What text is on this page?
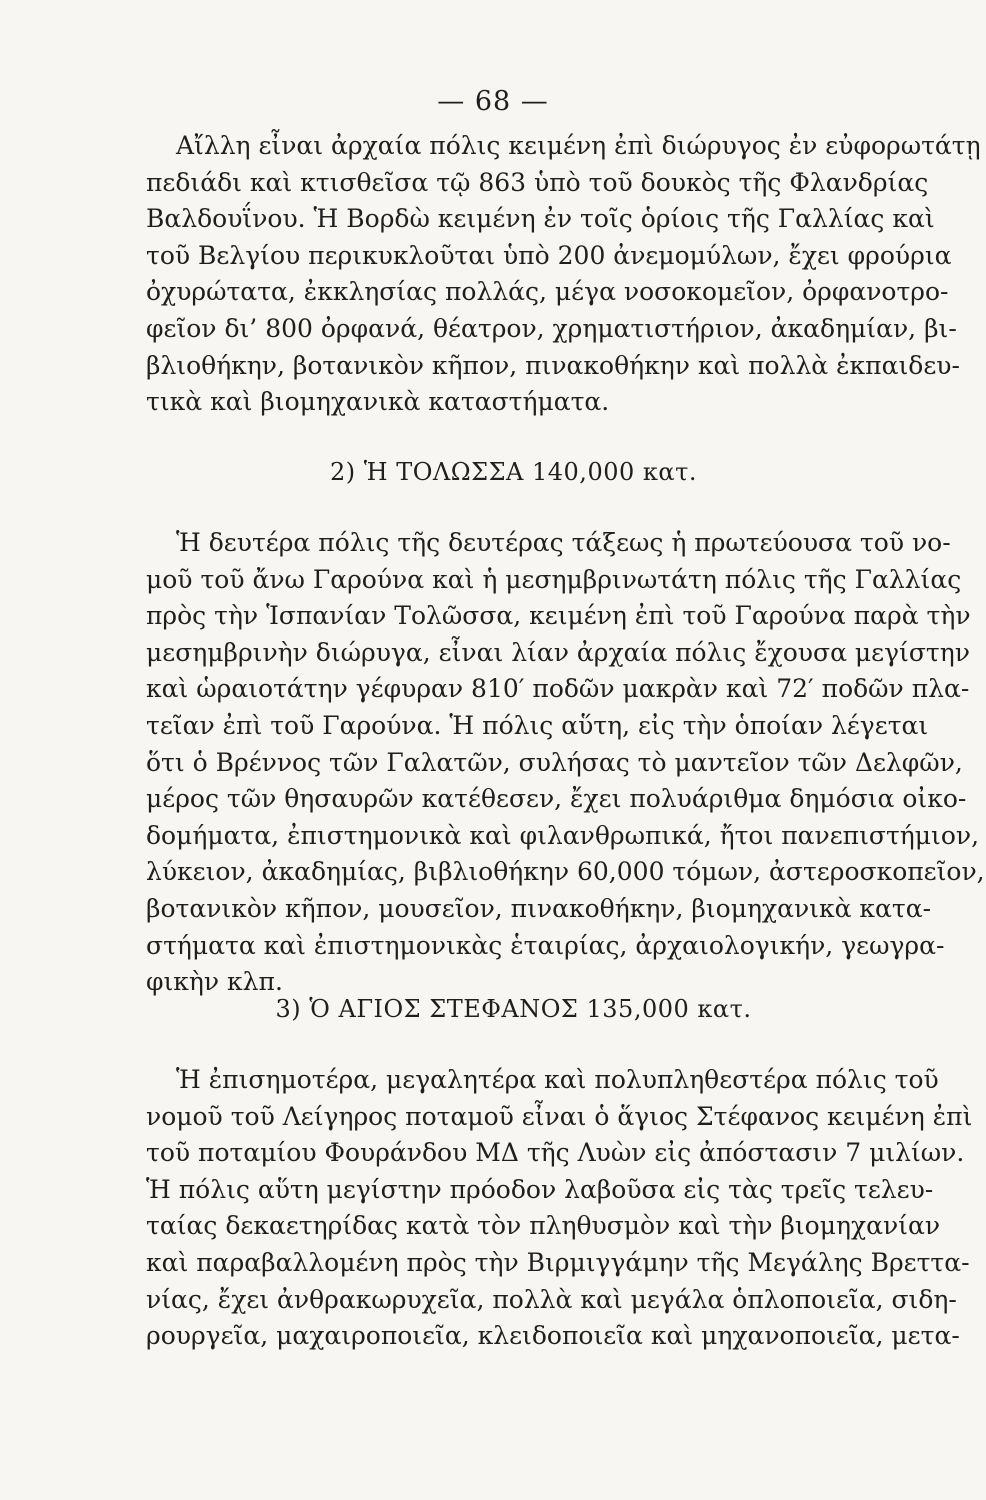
— 68 —
Αἴλλη εἶναι ἀρχαία πόλις κειμένη ἐπὶ διώρυγος ἐν εὐφορωτάτῃ
πεδιάδι καὶ κτισθεῖσα τῷ 863 ὑπὸ τοῦ δουκὸς τῆς Φλανδρίας
Βαλδουΐνου. Ἡ Βορδὼ κειμένη ἐν τοῖς ὁρίοις τῆς Γαλλίας καὶ
τοῦ Βελγίου περικυκλοῦται ὑπὸ 200 ἀνεμομύλων, ἔχει φρούρια
ὀχυρώτατα, ἐκκλησίας πολλάς, μέγα νοσοκομεῖον, ὀρφανοτρο-
φεῖον δι’ 800 ὀρφανά, θέατρον, χρηματιστήριον, ἀκαδημίαν, βι-
βλιοθήκην, βοτανικὸν κῆπον, πινακοθήκην καὶ πολλὰ ἐκπαιδευ-
τικὰ καὶ βιομηχανικὰ καταστήματα.
2) Ἡ ΤΟΛΩΣΣΑ 140,000 κατ.
Ἡ δευτέρα πόλις τῆς δευτέρας τάξεως ἡ πρωτεύουσα τοῦ νο-
μοῦ τοῦ ἄνω Γαρούνα καὶ ἡ μεσημβρινωτάτη πόλις τῆς Γαλλίας
πρὸς τὴν Ἱσπανίαν Τολῶσσα, κειμένη ἐπὶ τοῦ Γαρούνα παρὰ τὴν
μεσημβρινὴν διώρυγα, εἶναι λίαν ἀρχαία πόλις ἔχουσα μεγίστην
καὶ ὡραιοτάτην γέφυραν 810′ ποδῶν μακρὰν καὶ 72′ ποδῶν πλα-
τεῖαν ἐπὶ τοῦ Γαρούνα. Ἡ πόλις αὕτη, εἰς τὴν ὁποίαν λέγεται
ὅτι ὁ Βρέννος τῶν Γαλατῶν, συλήσας τὸ μαντεῖον τῶν Δελφῶν,
μέρος τῶν θησαυρῶν κατέθεσεν, ἔχει πολυάριθμα δημόσια οἰκο-
δομήματα, ἐπιστημονικὰ καὶ φιλανθρωπικά, ἤτοι πανεπιστήμιον,
λύκειον, ἀκαδημίας, βιβλιοθήκην 60,000 τόμων, ἀστεροσκοπεῖον,
βοτανικὸν κῆπον, μουσεῖον, πινακοθήκην, βιομηχανικὰ κατα-
στήματα καὶ ἐπιστημονικὰς ἑταιρίας, ἀρχαιολογικήν, γεωγρα-
φικὴν κλπ.
3) Ὁ ΑΓΙΟΣ ΣΤΕΦΑΝΟΣ 135,000 κατ.
Ἡ ἐπισημοτέρα, μεγαλητέρα καὶ πολυπληθεστέρα πόλις τοῦ
νομοῦ τοῦ Λείγηρος ποταμοῦ εἶναι ὁ ἅγιος Στέφανος κειμένη ἐπὶ
τοῦ ποταμίου Φουράνδου ΜΔ τῆς Λυὼν εἰς ἀπόστασιν 7 μιλίων.
Ἡ πόλις αὕτη μεγίστην πρόοδον λαβοῦσα εἰς τὰς τρεῖς τελευ-
ταίας δεκαετηρίδας κατὰ τὸν πληθυσμὸν καὶ τὴν βιομηχανίαν
καὶ παραβαλλομένη πρὸς τὴν Βιρμιγγάμην τῆς Μεγάλης Βρεττα-
νίας, ἔχει ἀνθρακωρυχεῖα, πολλὰ καὶ μεγάλα ὁπλοποιεῖα, σιδη-
ρουργεῖα, μαχαιροποιεῖα, κλειδοποιεῖα καὶ μηχανοποιεῖα, μετα-
